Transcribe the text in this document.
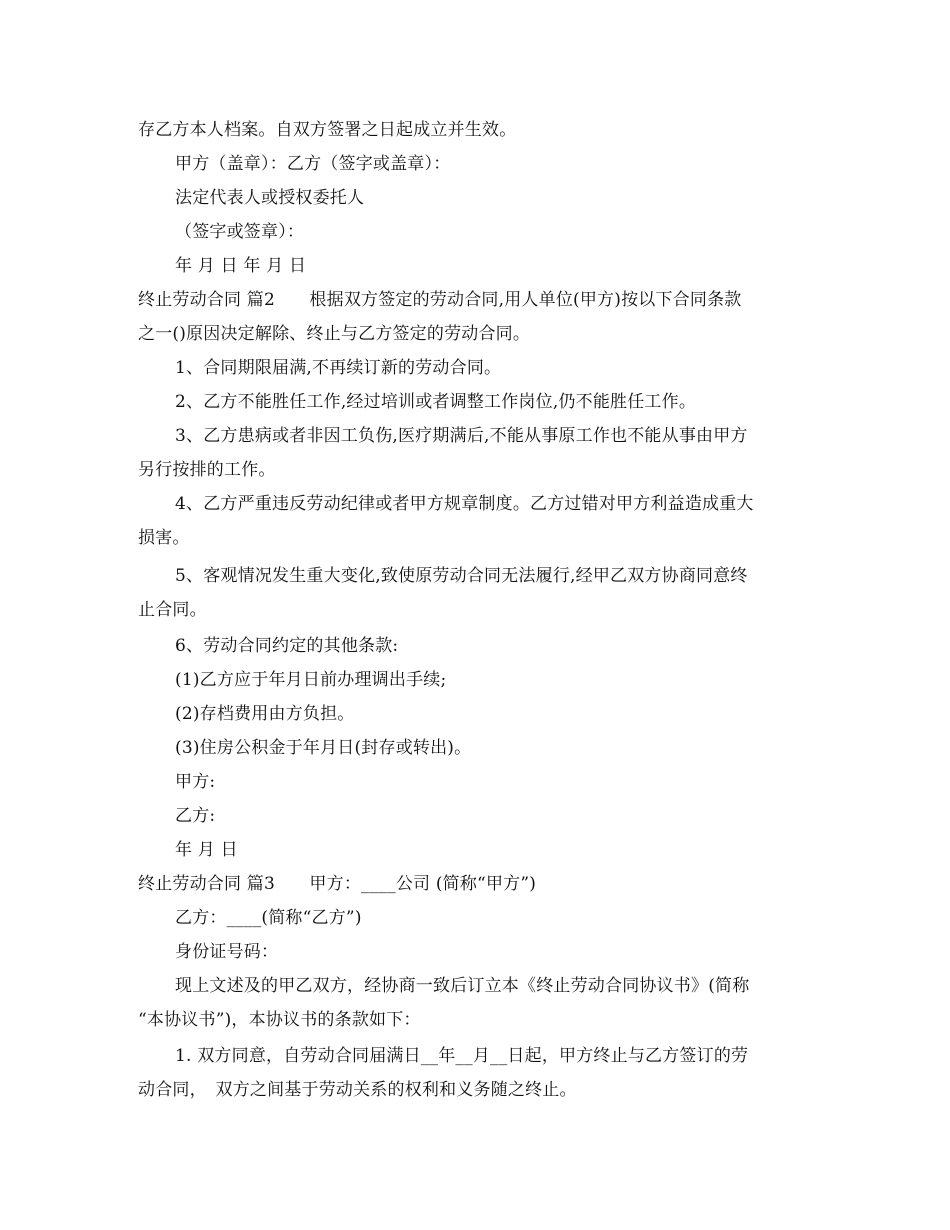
存乙方本人档案。自双方签署之日起成立并生效。
甲方（盖章）：乙方（签字或盖章）：
法定代表人或授权委托人
（签字或签章）：
年 月 日 年 月 日
终止劳动合同 篇2　　根据双方签定的劳动合同,用人单位(甲方)按以下合同条款
之一()原因决定解除、终止与乙方签定的劳动合同。
1、合同期限届满,不再续订新的劳动合同。
2、乙方不能胜任工作,经过培训或者调整工作岗位,仍不能胜任工作。
3、乙方患病或者非因工负伤,医疗期满后,不能从事原工作也不能从事由甲方
另行按排的工作。
4、乙方严重违反劳动纪律或者甲方规章制度。乙方过错对甲方利益造成重大
损害。
5、客观情况发生重大变化,致使原劳动合同无法履行,经甲乙双方协商同意终
止合同。
6、劳动合同约定的其他条款:
(1)乙方应于年月日前办理调出手续;
(2)存档费用由方负担。
(3)住房公积金于年月日(封存或转出)。
甲方:
乙方:
年 月 日
终止劳动合同 篇3　　甲方：____公司 (简称“甲方”)
乙方：____(简称“乙方”)
身份证号码：
现上文述及的甲乙双方，经协商一致后订立本《终止劳动合同协议书》(简称
“本协议书”)，本协议书的条款如下：
1. 双方同意，自劳动合同届满日__年__月__日起，甲方终止与乙方签订的劳
动合同，　双方之间基于劳动关系的权利和义务随之终止。
